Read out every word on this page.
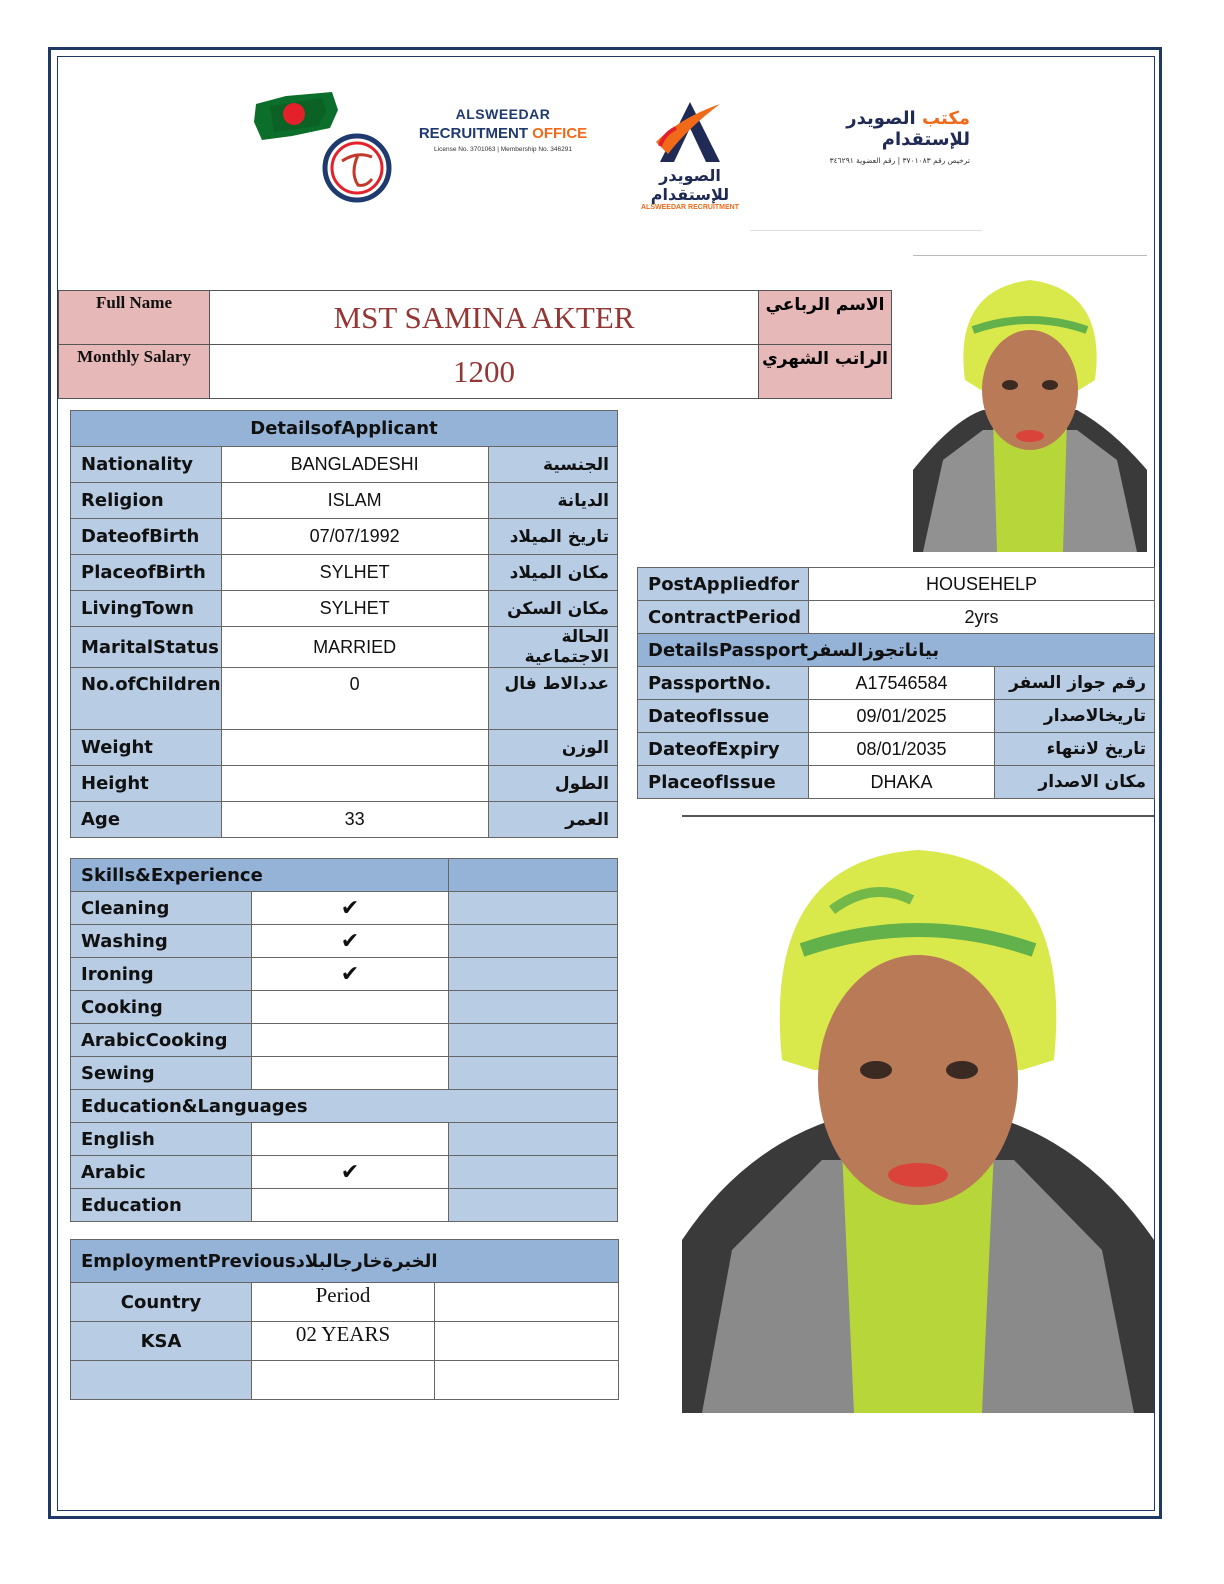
ALSWEEDAR
RECRUITMENT OFFICE
License No. 3701063 | Membership No. 346291
الصويدر للإستقدام
ALSWEEDAR RECRUITMENT
مكتب الصويدر للإستقدام
ترخيص رقم ٣٧٠١٠٨٣ | رقم العضوية ٣٤٦٢٩١
Full Name	MST SAMINA AKTER	الاسم الرباعي
Monthly Salary	1200	الراتب الشهري
DetailsofApplicant		
Nationality	BANGLADESHI	الجنسية
Religion	ISLAM	الديانة
DateofBirth	07/07/1992	تاريخ الميلاد
PlaceofBirth	SYLHET	مكان الميلاد
LivingTown	SYLHET	مكان السكن
MaritalStatus	MARRIED	الحالة الاجتماعية
No.ofChildren	0	عددالاط فال
Weight		الوزن
Height		الطول
Age	33	العمر
PostAppliedfor	HOUSEHELP	
ContractPeriod	2yrs	
DetailsPassportبياناتجوزالسفر		
PassportNo.	A17546584	رقم جواز السفر
DateofIssue	09/01/2025	تاريخالاصدار
DateofExpiry	08/01/2035	تاريخ لانتهاء
PlaceofIssue	DHAKA	مكان الاصدار
Skills&Experience		
Cleaning	✔	
Washing	✔	
Ironing	✔	
Cooking		
ArabicCooking		
Sewing		
Education&Languages		
English		
Arabic	✔	
Education		
EmploymentPreviousالخبرةخارجالبلاد		
Country	Period	
KSA	02 YEARS	
